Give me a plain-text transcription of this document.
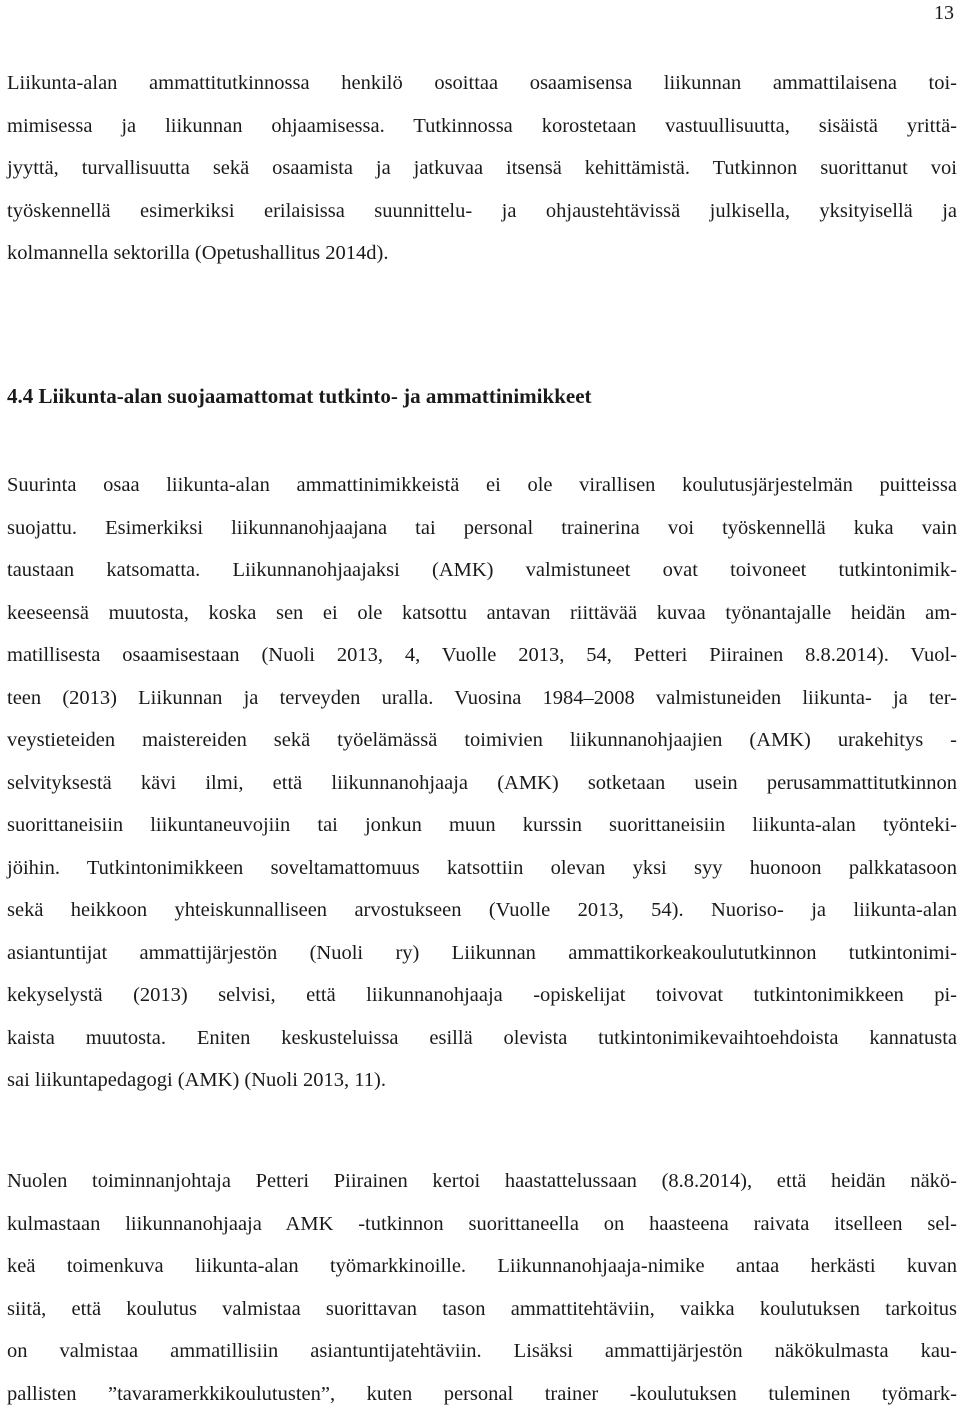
13
Liikunta-alan ammattitutkinnossa henkilö osoittaa osaamisensa liikunnan ammattilaisena toi-
mimisessa ja liikunnan ohjaamisessa. Tutkinnossa korostetaan vastuullisuutta, sisäistä yrittä-
jyyttä, turvallisuutta sekä osaamista ja jatkuvaa itsensä kehittämistä. Tutkinnon suorittanut voi
työskennellä esimerkiksi erilaisissa suunnittelu- ja ohjaustehtävissä julkisella, yksityisellä ja
kolmannella sektorilla (Opetushallitus 2014d).
4.4 Liikunta-alan suojaamattomat tutkinto- ja ammattinimikkeet
Suurinta osaa liikunta-alan ammattinimikkeistä ei ole virallisen koulutusjärjestelmän puitteissa
suojattu. Esimerkiksi liikunnanohjaajana tai personal trainerina voi työskennellä kuka vain
taustaan katsomatta. Liikunnanohjaajaksi (AMK) valmistuneet ovat toivoneet tutkintonimik-
keeseensä muutosta, koska sen ei ole katsottu antavan riittävää kuvaa työnantajalle heidän am-
matillisesta osaamisestaan (Nuoli 2013, 4, Vuolle 2013, 54, Petteri Piirainen 8.8.2014). Vuol-
teen (2013) Liikunnan ja terveyden uralla. Vuosina 1984–2008 valmistuneiden liikunta- ja ter-
veystieteiden maistereiden sekä työelämässä toimivien liikunnanohjaajien (AMK) urakehitys -
selvityksestä kävi ilmi, että liikunnanohjaaja (AMK) sotketaan usein perusammattitutkinnon
suorittaneisiin liikuntaneuvojiin tai jonkun muun kurssin suorittaneisiin liikunta-alan työnteki-
jöihin. Tutkintonimikkeen soveltamattomuus katsottiin olevan yksi syy huonoon palkkatasoon
sekä heikkoon yhteiskunnalliseen arvostukseen (Vuolle 2013, 54). Nuoriso- ja liikunta-alan
asiantuntijat ammattijärjestön (Nuoli ry) Liikunnan ammattikorkeakoulututkinnon tutkintonimi-
kekyselystä (2013) selvisi, että liikunnanohjaaja -opiskelijat toivovat tutkintonimikkeen pi-
kaista muutosta. Eniten keskusteluissa esillä olevista tutkintonimikevaihtoehdoista kannatusta
sai liikuntapedagogi (AMK) (Nuoli 2013, 11).
Nuolen toiminnanjohtaja Petteri Piirainen kertoi haastattelussaan (8.8.2014), että heidän näkö-
kulmastaan liikunnanohjaaja AMK -tutkinnon suorittaneella on haasteena raivata itselleen sel-
keä toimenkuva liikunta-alan työmarkkinoille. Liikunnanohjaaja-nimike antaa herkästi kuvan
siitä, että koulutus valmistaa suorittavan tason ammattitehtäviin, vaikka koulutuksen tarkoitus
on valmistaa ammatillisiin asiantuntijatehtäviin. Lisäksi ammattijärjestön näkökulmasta kau-
pallisten ”tavaramerkkikoulutusten”, kuten personal trainer -koulutuksen tuleminen työmark-
